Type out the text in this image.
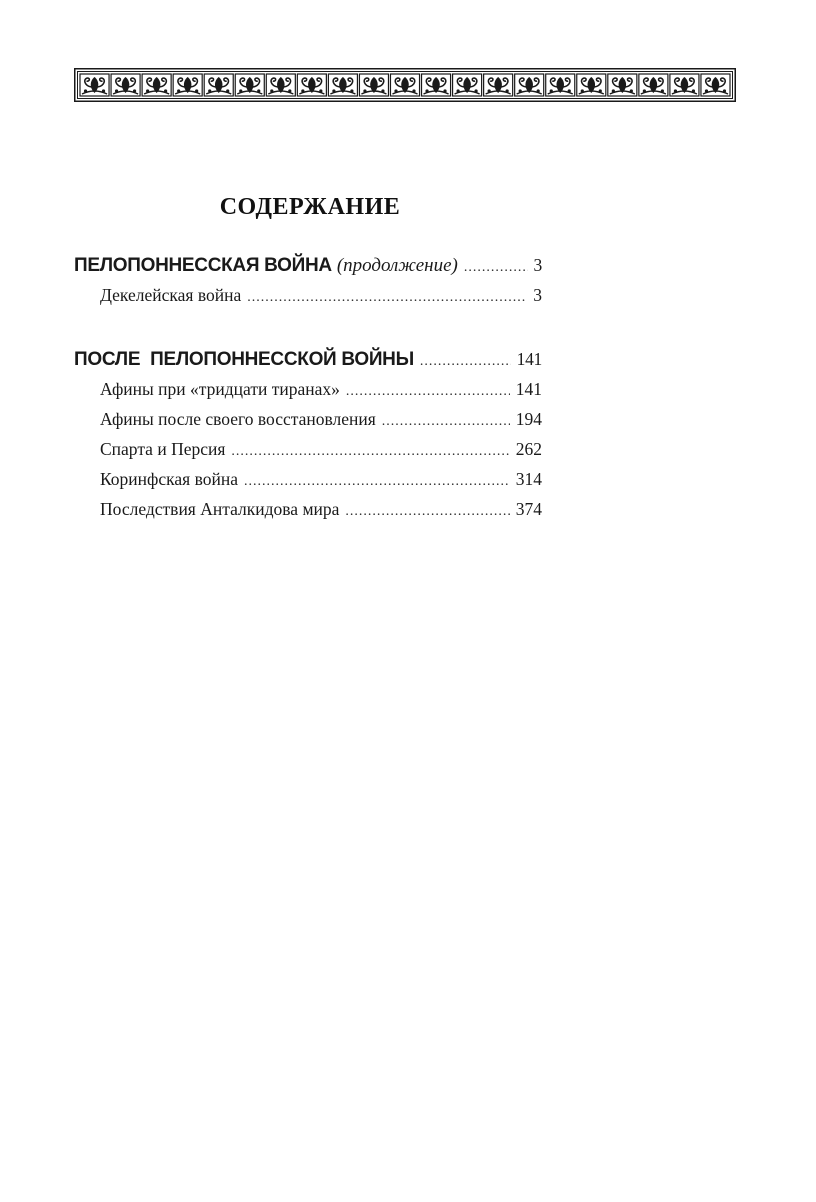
СОДЕРЖАНИЕ
ПЕЛОПОННЕССКАЯ ВОЙНА (продолжение) .....	3
Декелейская война .....	3
ПОСЛЕ  ПЕЛОПОННЕССКОЙ ВОЙНЫ .....	141
Афины при «тридцати тиранах» .....	141
Афины после своего восстановления .....	194
Спарта и Персия .....	262
Коринфская война .....	314
Последствия Анталкидова мира .....	374
